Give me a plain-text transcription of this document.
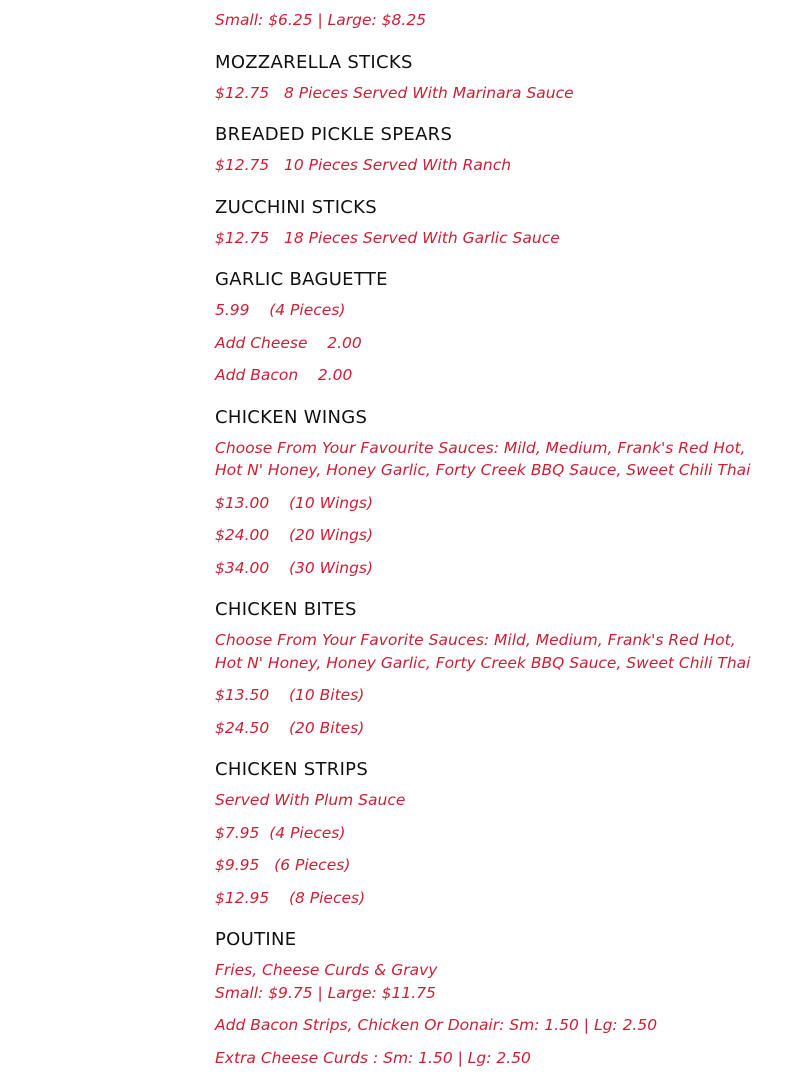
Small: $6.25 | Large: $8.25
MOZZARELLA STICKS
$12.75   8 Pieces Served With Marinara Sauce
BREADED PICKLE SPEARS
$12.75   10 Pieces Served With Ranch
ZUCCHINI STICKS
$12.75   18 Pieces Served With Garlic Sauce
GARLIC BAGUETTE
5.99    (4 Pieces)
Add Cheese    2.00
Add Bacon    2.00
CHICKEN WINGS
Choose From Your Favourite Sauces: Mild, Medium, Frank's Red Hot, Hot N' Honey, Honey Garlic, Forty Creek BBQ Sauce, Sweet Chili Thai
$13.00    (10 Wings)
$24.00    (20 Wings)
$34.00    (30 Wings)
CHICKEN BITES
Choose From Your Favorite Sauces: Mild, Medium, Frank's Red Hot, Hot N' Honey, Honey Garlic, Forty Creek BBQ Sauce, Sweet Chili Thai
$13.50    (10 Bites)
$24.50    (20 Bites)
CHICKEN STRIPS
Served With Plum Sauce
$7.95  (4 Pieces)
$9.95   (6 Pieces)
$12.95    (8 Pieces)
POUTINE
Fries, Cheese Curds & Gravy
Small: $9.75 | Large: $11.75
Add Bacon Strips, Chicken Or Donair: Sm: 1.50 | Lg: 2.50
Extra Cheese Curds : Sm: 1.50 | Lg: 2.50
